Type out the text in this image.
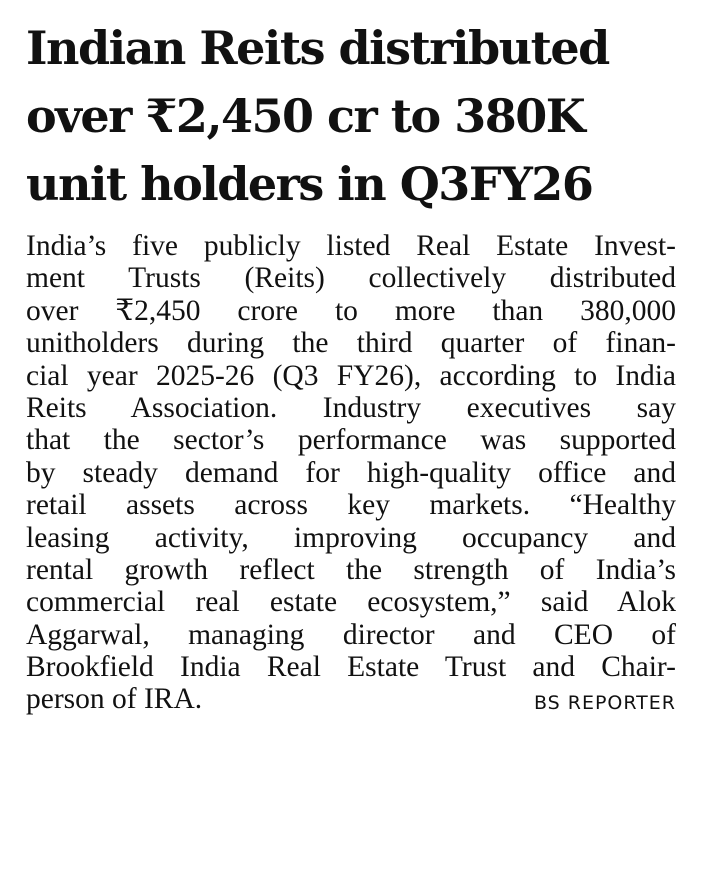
Indian Reits distributed
over ₹2,450 cr to 380K
unit holders in Q3FY26
India’s five publicly listed Real Estate Invest-
ment Trusts (Reits) collectively distributed
over ₹2,450 crore to more than 380,000
unitholders during the third quarter of finan-
cial year 2025-26 (Q3 FY26), according to India
Reits Association. Industry executives say
that the sector’s performance was supported
by steady demand for high-quality office and
retail assets across key markets. “Healthy
leasing activity, improving occupancy and
rental growth reflect the strength of India’s
commercial real estate ecosystem,” said Alok
Aggarwal, managing director and CEO of
Brookfield India Real Estate Trust and Chair-
person of IRA.	BS REPORTER
